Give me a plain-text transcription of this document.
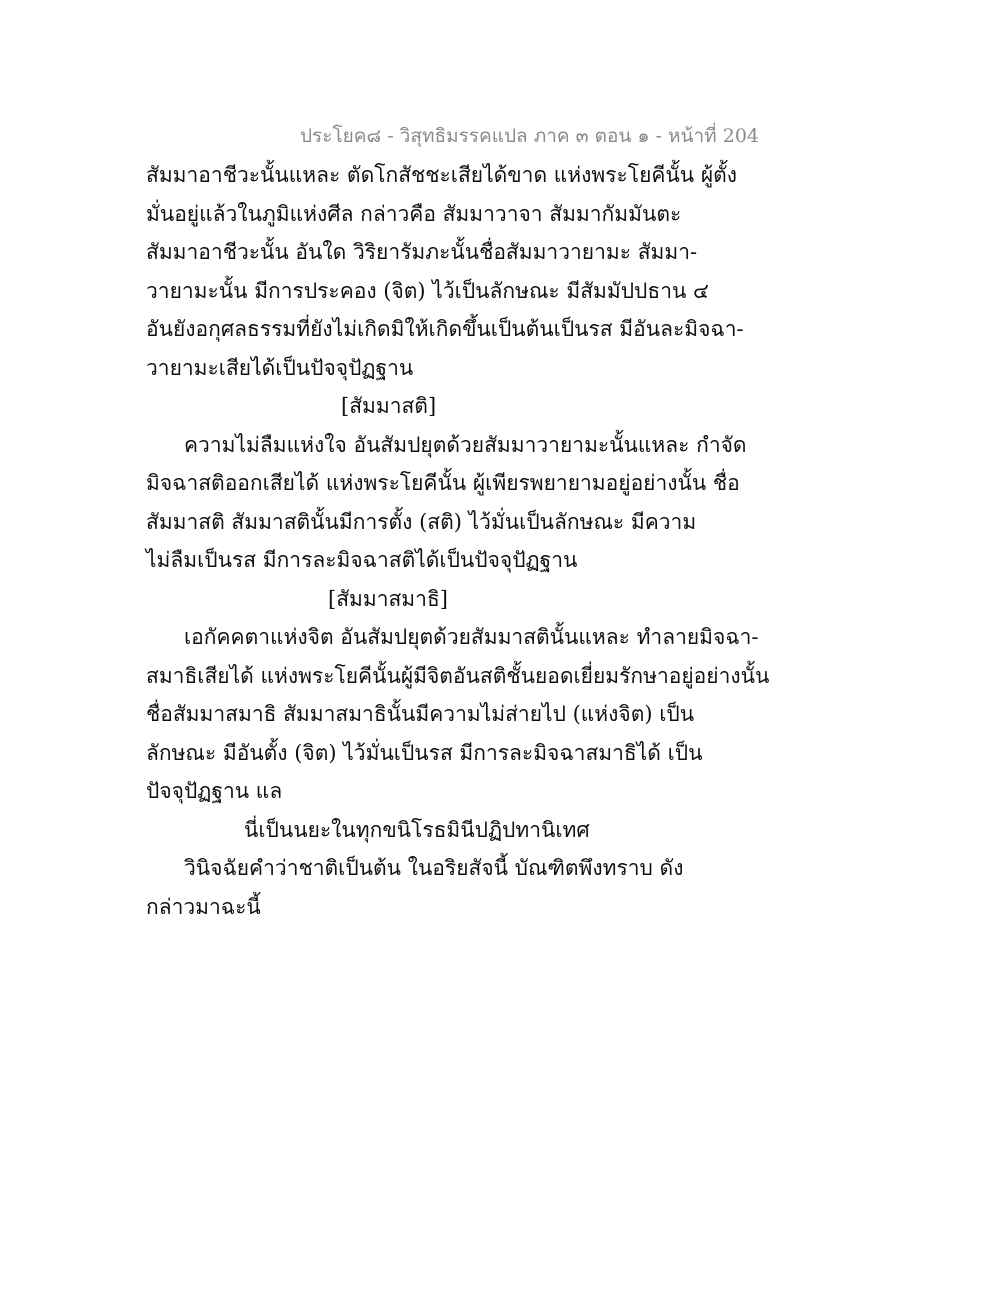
ประโยค๘ - วิสุทธิมรรคแปล ภาค ๓ ตอน ๑ - หน้าที่ 204
สัมมาอาชีวะนั้นแหละ ตัดโกสัชชะเสียได้ขาด แห่งพระโยคีนั้น ผู้ตั้ง
มั่นอยู่แล้วในภูมิแห่งศีล กล่าวคือ สัมมาวาจา สัมมากัมมันตะ
สัมมาอาชีวะนั้น อันใด วิริยารัมภะนั้นชื่อสัมมาวายามะ สัมมา-
วายามะนั้น มีการประคอง (จิต) ไว้เป็นลักษณะ มีสัมมัปปธาน ๔
อันยังอกุศลธรรมที่ยังไม่เกิดมิให้เกิดขึ้นเป็นต้นเป็นรส มีอันละมิจฉา-
วายามะเสียได้เป็นปัจจุปัฏฐาน
[สัมมาสติ]
ความไม่ลืมแห่งใจ อันสัมปยุตด้วยสัมมาวายามะนั้นแหละ กำจัด
มิจฉาสติออกเสียได้ แห่งพระโยคีนั้น ผู้เพียรพยายามอยู่อย่างนั้น ชื่อ
สัมมาสติ สัมมาสตินั้นมีการตั้ง (สติ) ไว้มั่นเป็นลักษณะ มีความ
ไม่ลืมเป็นรส มีการละมิจฉาสติได้เป็นปัจจุปัฏฐาน
[สัมมาสมาธิ]
เอกัคคตาแห่งจิต อันสัมปยุตด้วยสัมมาสตินั้นแหละ ทำลายมิจฉา-
สมาธิเสียได้ แห่งพระโยคีนั้นผู้มีจิตอันสติชั้นยอดเยี่ยมรักษาอยู่อย่างนั้น
ชื่อสัมมาสมาธิ สัมมาสมาธินั้นมีความไม่ส่ายไป (แห่งจิต) เป็น
ลักษณะ มีอันตั้ง (จิต) ไว้มั่นเป็นรส มีการละมิจฉาสมาธิได้ เป็น
ปัจจุปัฏฐาน แล
นี่เป็นนยะในทุกขนิโรธมินีปฏิปทานิเทศ
วินิจฉัยคำว่าชาติเป็นต้น ในอริยสัจนี้ บัณฑิตพึงทราบ ดัง
กล่าวมาฉะนี้
